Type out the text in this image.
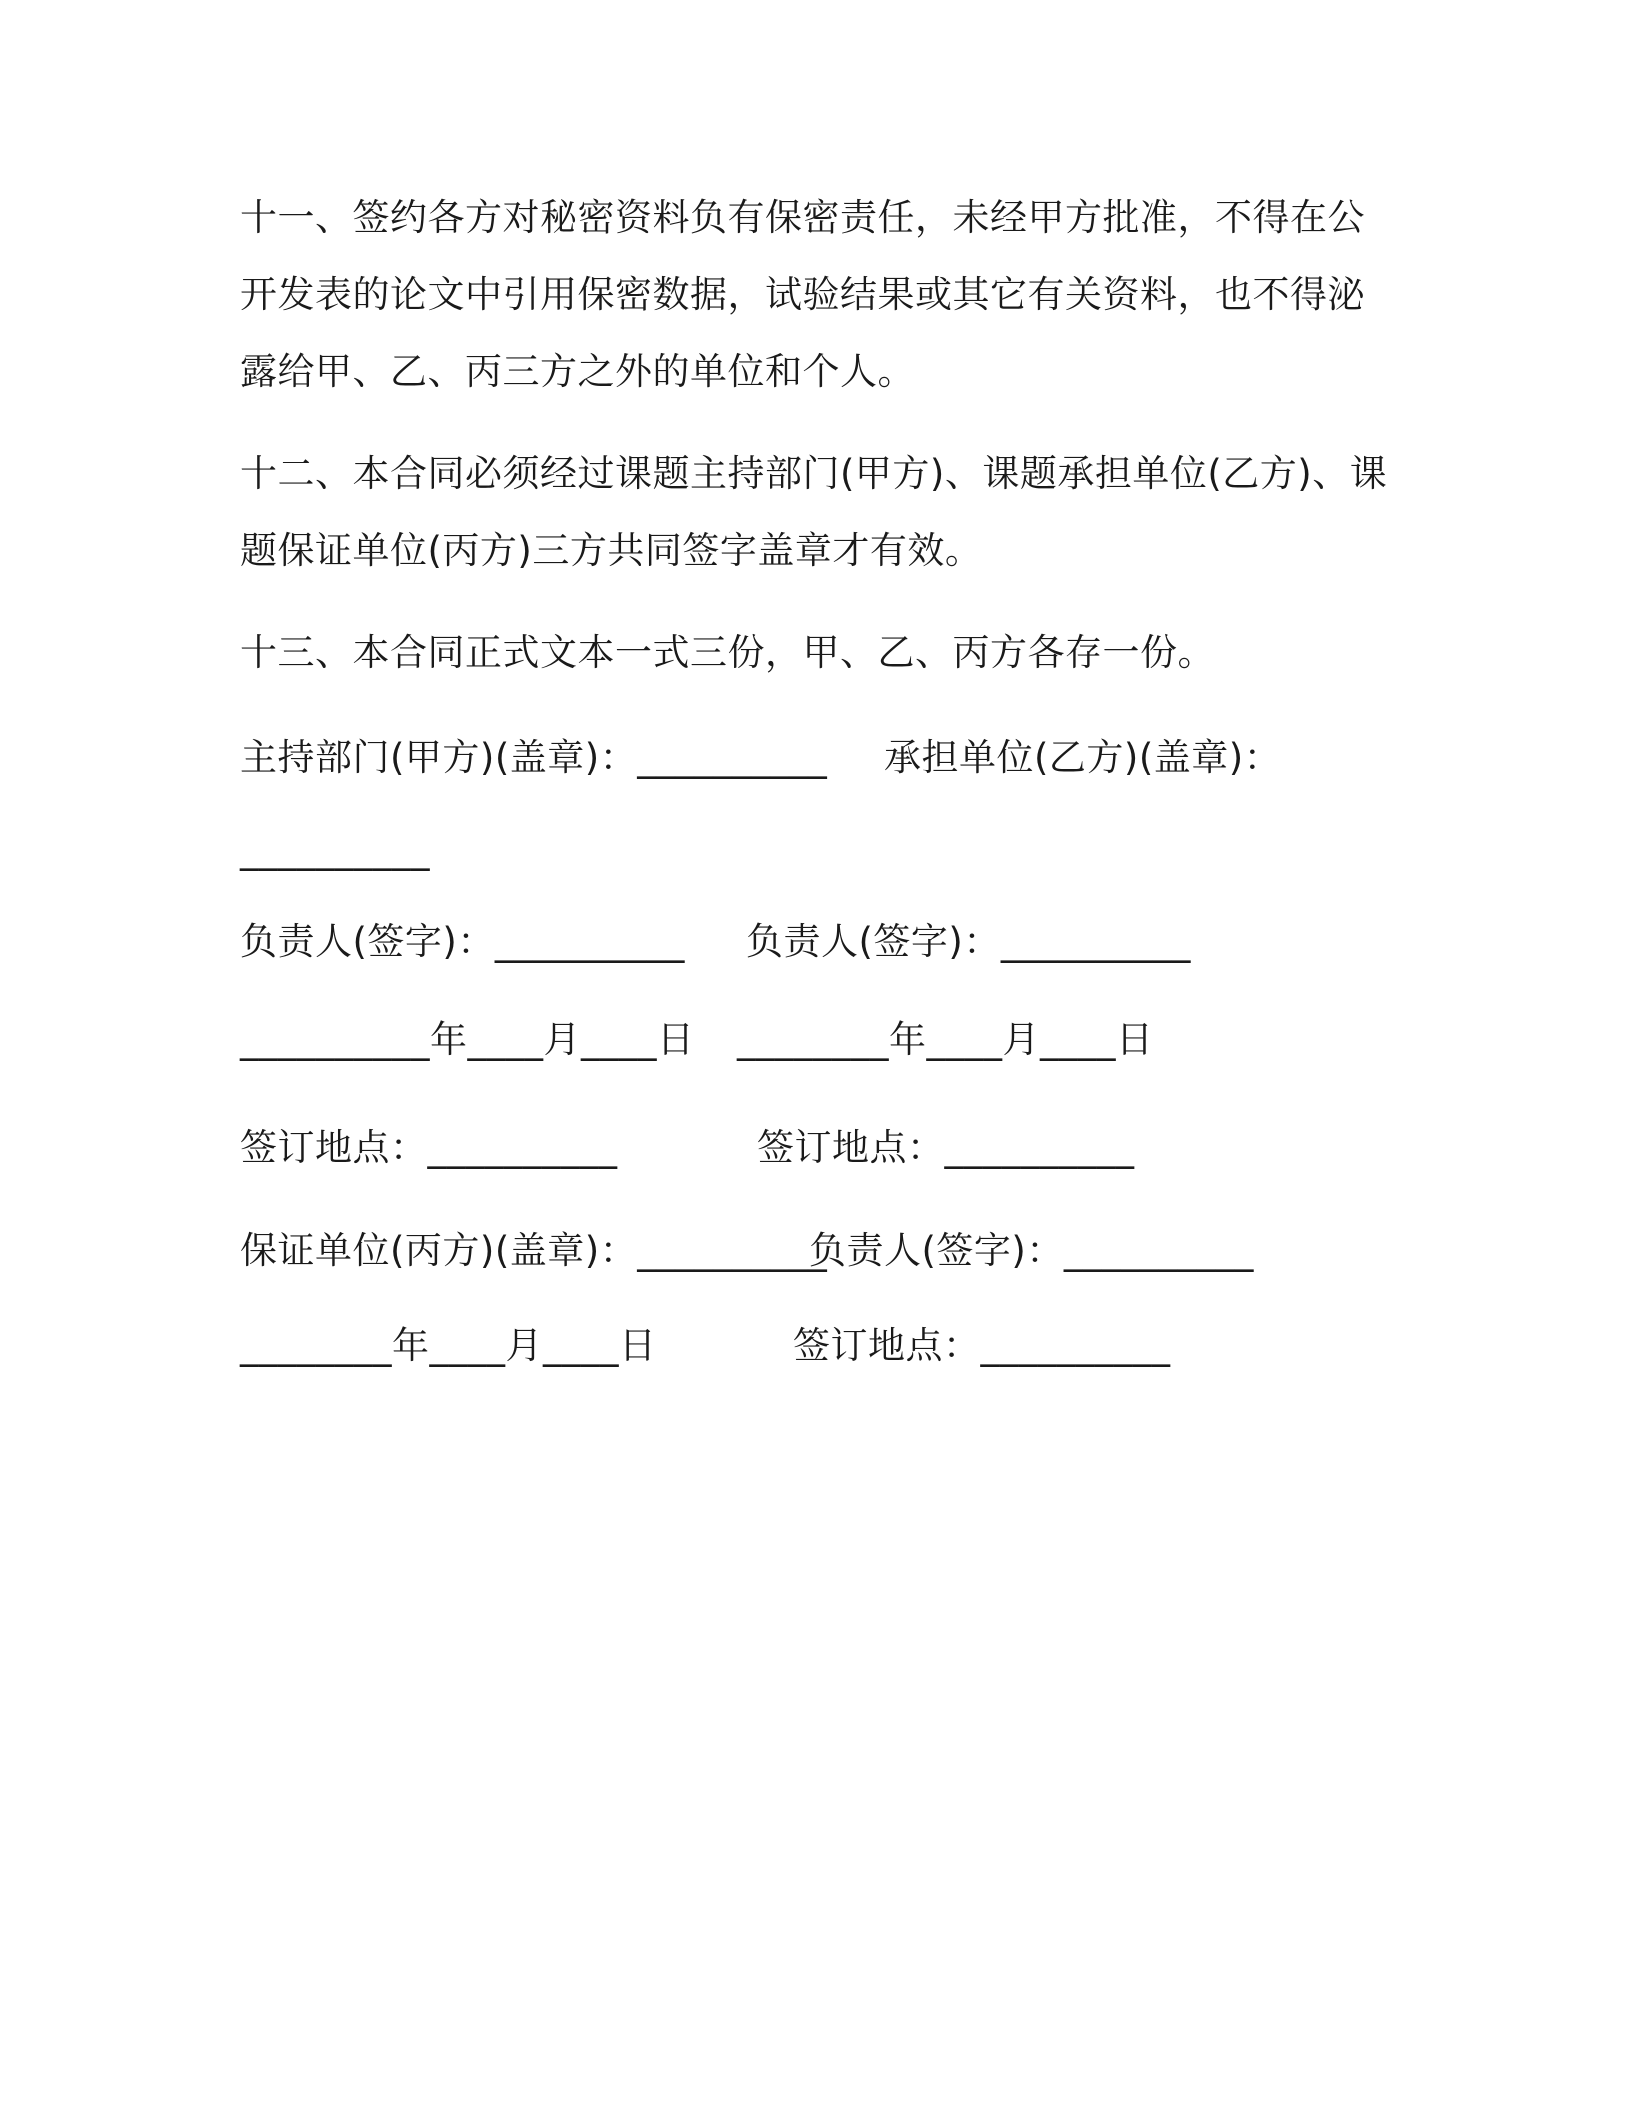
十一、签约各方对秘密资料负有保密责任，未经甲方批准，不得在公
开发表的论文中引用保密数据，试验结果或其它有关资料，也不得泌
露给甲、乙、丙三方之外的单位和个人。
十二、本合同必须经过课题主持部门(甲方)、课题承担单位(乙方)、课
题保证单位(丙方)三方共同签字盖章才有效。
十三、本合同正式文本一式三份，甲、乙、丙方各存一份。
主持部门(甲方)(盖章)：__________ 承担单位(乙方)(盖章)：
__________
负责人(签字)：__________ 负责人(签字)：__________
__________年____月____日 ________年____月____日
签订地点：__________	签订地点：__________
保证单位(丙方)(盖章)：__________
负责人(签字)：__________
________年____月____日	签订地点：__________
